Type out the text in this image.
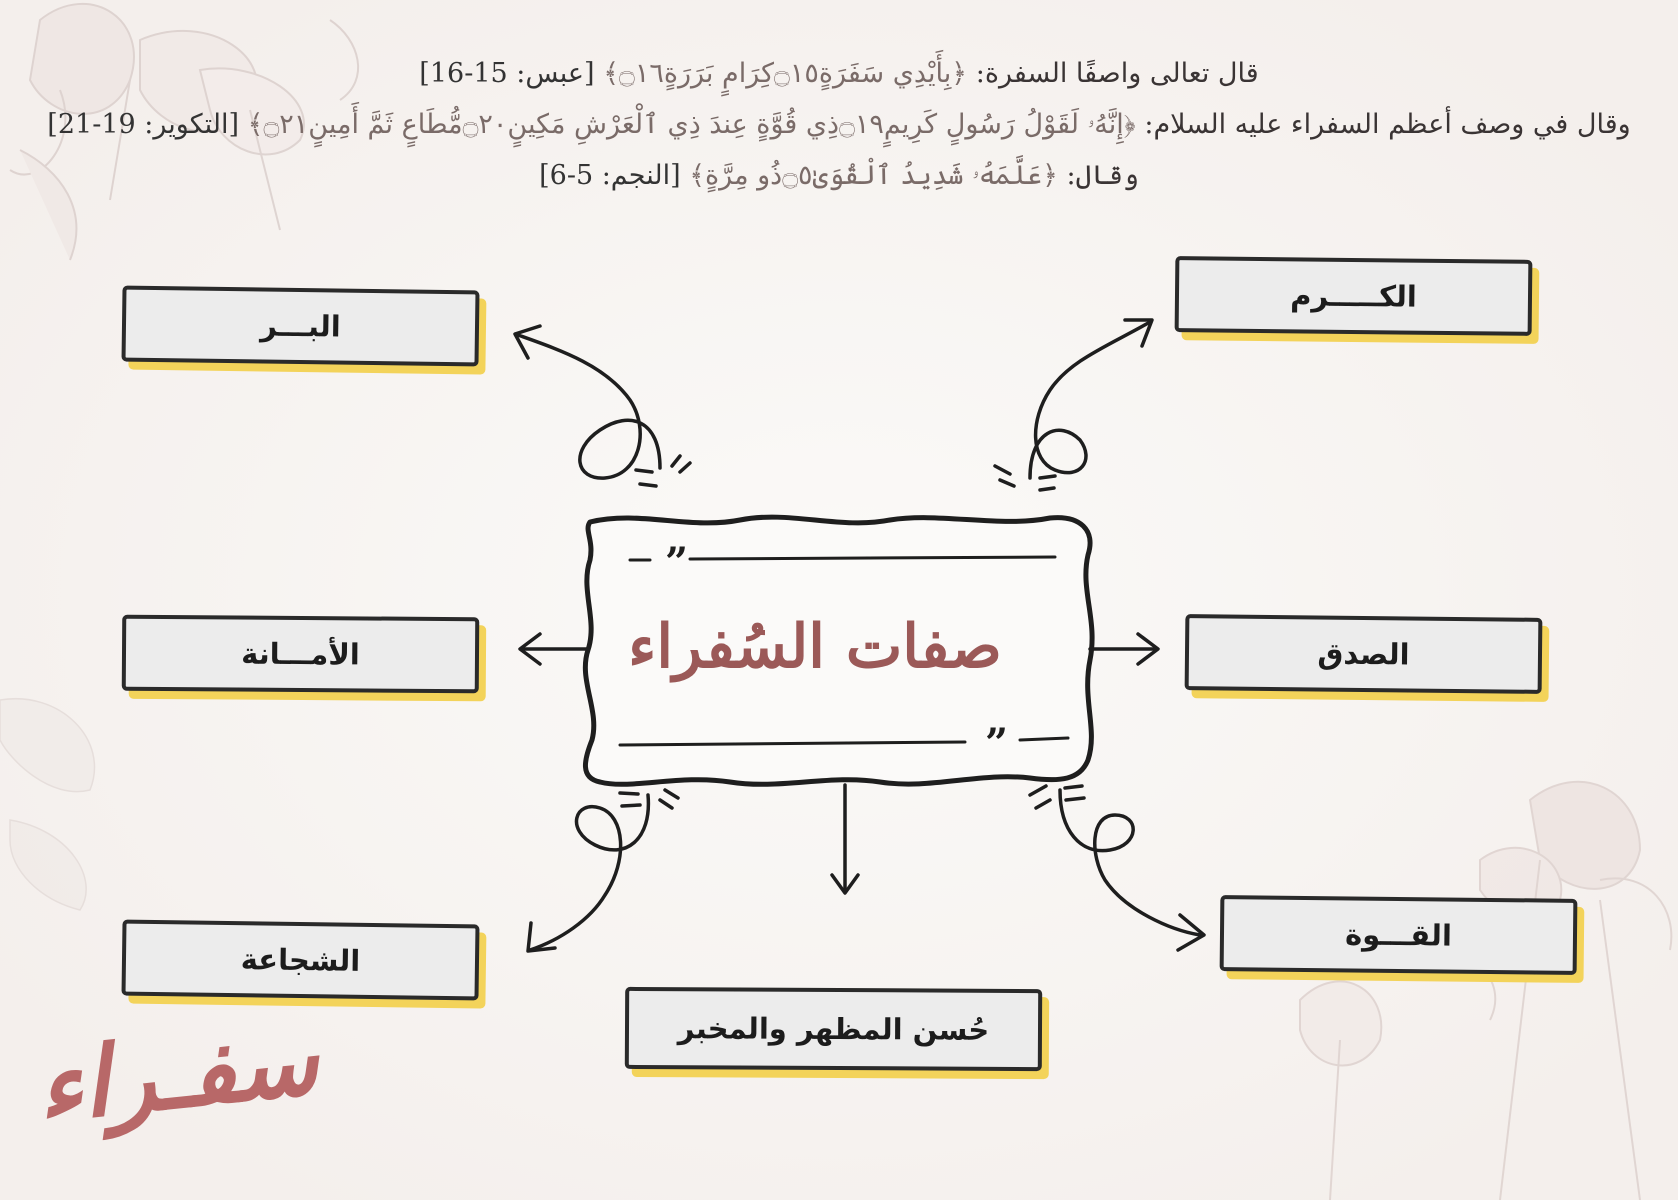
”
”
قال تعالى واصفًا السفرة: ﴿بِأَيْدِي سَفَرَةٍ۝١٥كِرَامٍ بَرَرَةٍ۝١٦﴾ [عبس: 15-16]
وقال في وصف أعظم السفراء عليه السلام: ﴿إِنَّهُۥ لَقَوْلُ رَسُولٍ كَرِيمٍ۝١٩ذِي قُوَّةٍ عِندَ ذِي ٱلْعَرْشِ مَكِينٍ۝٢٠مُّطَاعٍ ثَمَّ أَمِينٍ۝٢١﴾ [التكوير: 19-21]
وقال: ﴿عَلَّمَهُۥ شَدِيدُ ٱلْقُوَىٰ۝٥ذُو مِرَّةٍ﴾ [النجم: 5-6]
صفات السُفراء
البـــر
الكـــــرم
الأمـــانة	الصدق
الشجاعة
القـــوة
حُسن المظهر والمخبر
سفـراء
